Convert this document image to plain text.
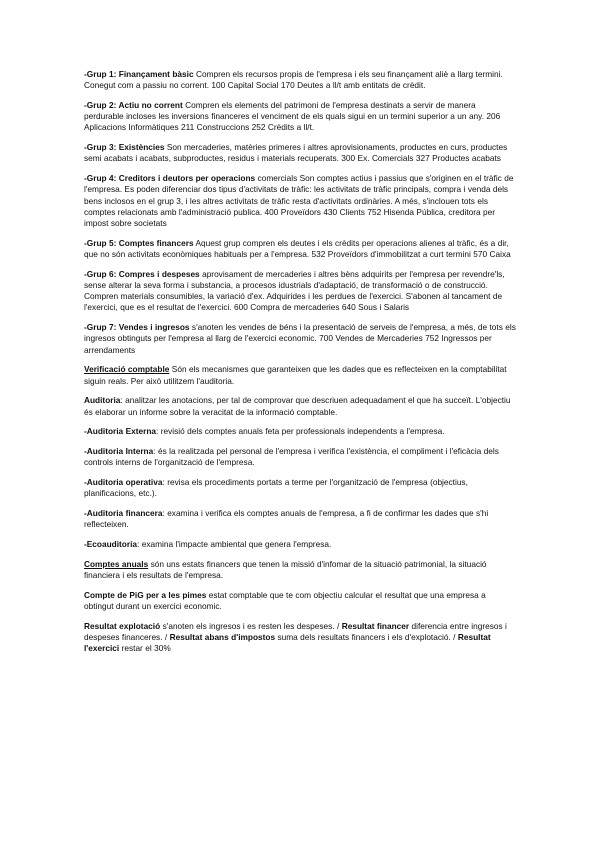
-Grup 1: Finançament bàsic Compren els recursos propis de l'empresa i els seu finançament aliè a llarg termini. Conegut com a passiu no corrent. 100 Capital Social 170 Deutes a ll/t amb entitats de crèdit.

-Grup 2: Actiu no corrent Compren els elements del patrimoni de l'empresa destinats a servir de manera perdurable incloses les inversions financeres el venciment de els quals sigui en un termini superior a un any. 206 Aplicacions Informàtiques 211 Construccions 252 Crèdits a ll/t.

-Grup 3: Existències Son mercaderies, matèries primeres i altres aprovisionaments, productes en curs, productes semi acabats i acabats, subproductes, residus i materials recuperats. 300 Ex. Comercials 327 Productes acabats

-Grup 4: Creditors i deutors per operacions comercials Son comptes actius i passius que s'originen en el tràfic de l'empresa. Es poden diferenciar dos tipus d'activitats de tràfic: les activitats de tràfic principals, compra i venda dels bens inclosos en el grup 3, i les altres activitats de tràfic resta d'activitats ordinàries. A més, s'inclouen tots els comptes relacionats amb l'administració publica. 400 Proveïdors 430 Clients 752 Hisenda Pública, creditora per impost sobre societats

-Grup 5: Comptes financers Aquest grup compren els deutes i els crèdits per operacions alienes al tràfic, és a dir, que no són activitats econòmiques habituals per a l'empresa. 532 Proveïdors d'immobilitzat a curt termini 570 Caixa

-Grup 6: Compres i despeses aprovisament de mercaderies i altres bèns adquirits per l'empresa per revendre'ls, sense alterar la seva forma i substancia, a procesos idustrials d'adaptació, de transformació o de construcció. Compren materials consumibles, la variació d'ex. Adquirides i les perdues de l'exercici. S'abonen al tancament de l'exercici, que es el resultat de l'exercici. 600 Compra de mercaderies 640 Sous i Salaris

-Grup 7: Vendes i ingresos s'anoten les vendes de béns i la presentació de serveis de l'empresa, a més, de tots els ingresos obtinguts per l'empresa al llarg de l'exercici economic. 700 Vendes de Mercaderies 752 Ingressos per arrendaments

Verificació comptable Són els mecanismes que garanteixen que les dades que es reflecteixen en la comptabilitat siguin reals. Per això utilitzem l'auditoria.

Auditoria: analitzar les anotacions, per tal de comprovar que descriuen adequadament el que ha succeït. L'objectiu és elaborar un informe sobre la veracitat de la informació comptable.

-Auditoria Externa: revisió dels comptes anuals feta per professionals independents a l'empresa.

-Auditoria Interna: és la realitzada pel personal de l'empresa i verifica l'existència, el compliment i l'eficàcia dels controls interns de l'organització de l'empresa.

-Auditoria operativa: revisa els procediments portats a terme per l'organització de l'empresa (objectius, planificacions, etc.).

-Auditoria financera: examina i verifica els comptes anuals de l'empresa, a fi de confirmar les dades que s'hi reflecteixen.

-Ecoauditoria: examina l'impacte ambiental que genera l'empresa.

Comptes anuals són uns estats financers que tenen la missió d'infomar de la situació patrimonial, la situació financiera i els resultats de l'empresa.

Compte de PiG per a les pimes estat comptable que te com objectiu calcular el resultat que una empresa a obtingut durant un exercici economic.

Resultat explotació s'anoten els ingresos i es resten les despeses. / Resultat financer diferencia entre ingresos i despeses financeres. / Resultat abans d'impostos suma dels resultats financers i els d'explotació. / Resultat l'exercici restar el 30%
